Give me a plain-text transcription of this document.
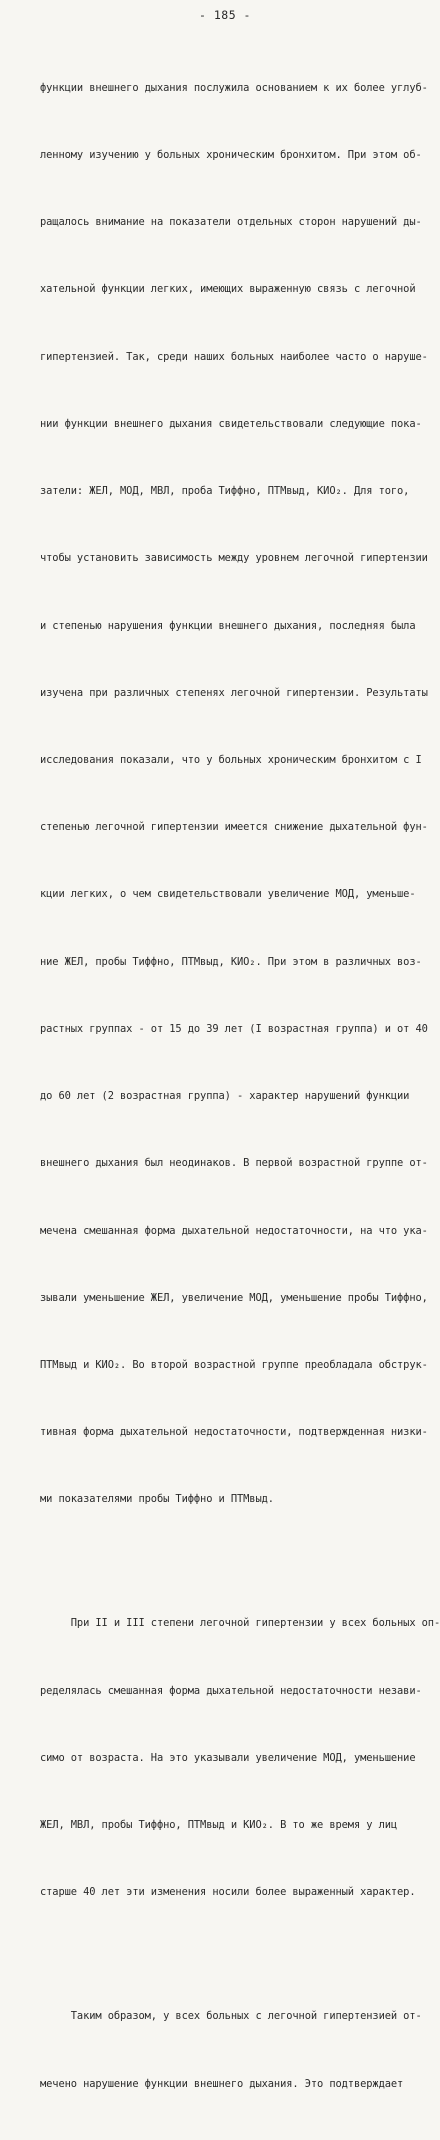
- 185 -

функции внешнего дыхания послужила основанием к их более углуб-

ленному изучению у больных хроническим бронхитом. При этом об-

ращалось внимание на показатели отдельных сторон нарушений ды-

хательной функции легких, имеющих выраженную связь с легочной

гипертензией. Так, среди наших больных наиболее часто о наруше-

нии функции внешнего дыхания свидетельствовали следующие пока-

затели: ЖЕЛ, МОД, МВЛ, проба Тиффно, ПТМвыд, КИО₂. Для того,

чтобы установить зависимость между уровнем легочной гипертензии

и степенью нарушения функции внешнего дыхания, последняя была

изучена при различных степенях легочной гипертензии. Результаты

исследования показали, что у больных хроническим бронхитом с I

степенью легочной гипертензии имеется снижение дыхательной фун-

кции легких, о чем свидетельствовали увеличение МОД, уменьше-

ние ЖЕЛ, пробы Тиффно, ПТМвыд, КИО₂. При этом в различных воз-

растных группах - от 15 до 39 лет (I возрастная группа) и от 40

до 60 лет (2 возрастная группа) - характер нарушений функции

внешнего дыхания был неодинаков. В первой возрастной группе от-

мечена смешанная форма дыхательной недостаточности, на что ука-

зывали уменьшение ЖЕЛ, увеличение МОД, уменьшение пробы Тиффно,

ПТМвыд и КИО₂. Во второй возрастной группе преобладала обструк-

тивная форма дыхательной недостаточности, подтвержденная низки-

ми показателями пробы Тиффно и ПТМвыд.

При II и III степени легочной гипертензии у всех больных оп-

ределялась смешанная форма дыхательной недостаточности незави-

симо от возраста. На это указывали увеличение МОД, уменьшение

ЖЕЛ, МВЛ, пробы Тиффно, ПТМвыд и КИО₂. В то же время у лиц

старше 40 лет эти изменения носили более выраженный характер.

Таким образом, у всех больных с легочной гипертензией от-

мечено нарушение функции внешнего дыхания. Это подтверждает
